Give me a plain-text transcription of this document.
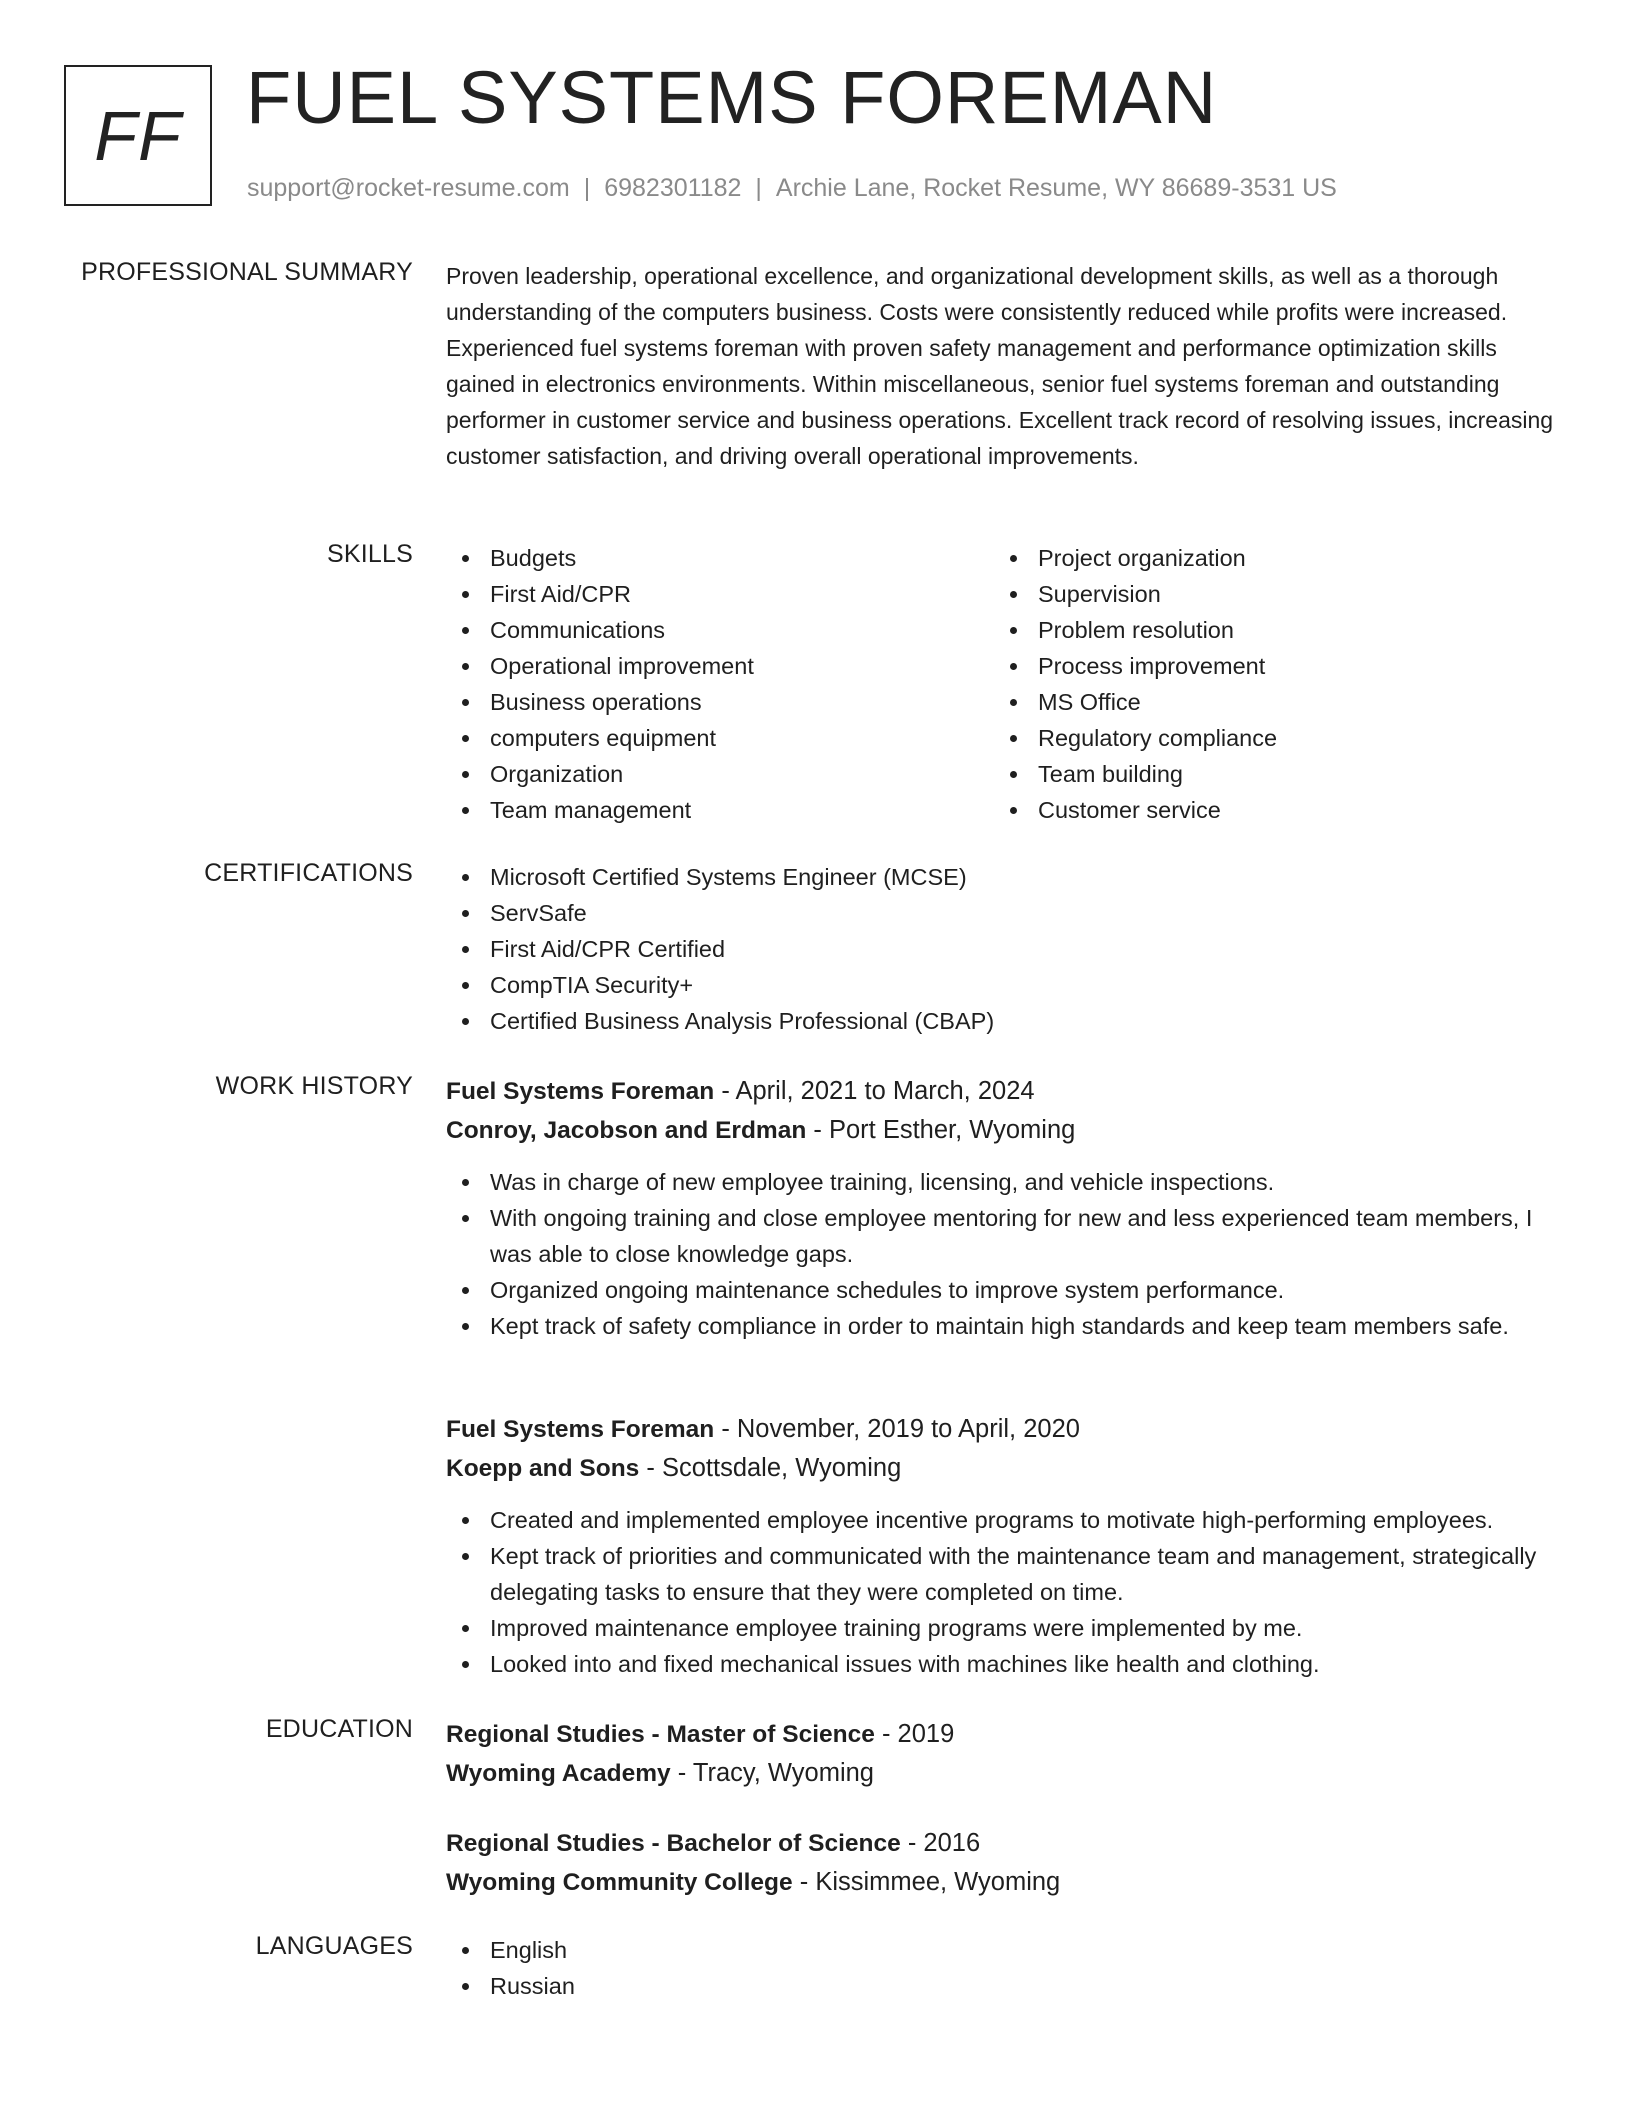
FF FUEL SYSTEMS FOREMAN
support@rocket-resume.com | 6982301182 | Archie Lane, Rocket Resume, WY 86689-3531 US
PROFESSIONAL SUMMARY Proven leadership, operational excellence, and organizational development skills, as well as a thorough understanding of the computers business. Costs were consistently reduced while profits were increased. Experienced fuel systems foreman with proven safety management and performance optimization skills gained in electronics environments. Within miscellaneous, senior fuel systems foreman and outstanding performer in customer service and business operations. Excellent track record of resolving issues, increasing customer satisfaction, and driving overall operational improvements.

SKILLS	Budgets
First Aid/CPR
Communications
Operational improvement
Business operations
computers equipment
Organization
Team management
Project organization
Supervision
Problem resolution
Process improvement
MS Office
Regulatory compliance
Team building
Customer service
CERTIFICATIONS	Microsoft Certified Systems Engineer (MCSE)
ServSafe
First Aid/CPR Certified
CompTIA Security+
Certified Business Analysis Professional (CBAP)
WORK HISTORY Fuel Systems Foreman - April, 2021 to March, 2024
Conroy, Jacobson and Erdman - Port Esther, Wyoming
Was in charge of new employee training, licensing, and vehicle inspections.
With ongoing training and close employee mentoring for new and less experienced team members, I was able to close knowledge gaps.
Organized ongoing maintenance schedules to improve system performance.
Kept track of safety compliance in order to maintain high standards and keep team members safe.
Fuel Systems Foreman - November, 2019 to April, 2020
Koepp and Sons - Scottsdale, Wyoming
Created and implemented employee incentive programs to motivate high-performing employees.
Kept track of priorities and communicated with the maintenance team and management, strategically delegating tasks to ensure that they were completed on time.
Improved maintenance employee training programs were implemented by me.
Looked into and fixed mechanical issues with machines like health and clothing.
EDUCATION Regional Studies - Master of Science - 2019
Wyoming Academy - Tracy, Wyoming
Regional Studies - Bachelor of Science - 2016
Wyoming Community College - Kissimmee, Wyoming
LANGUAGES	English
Russian
